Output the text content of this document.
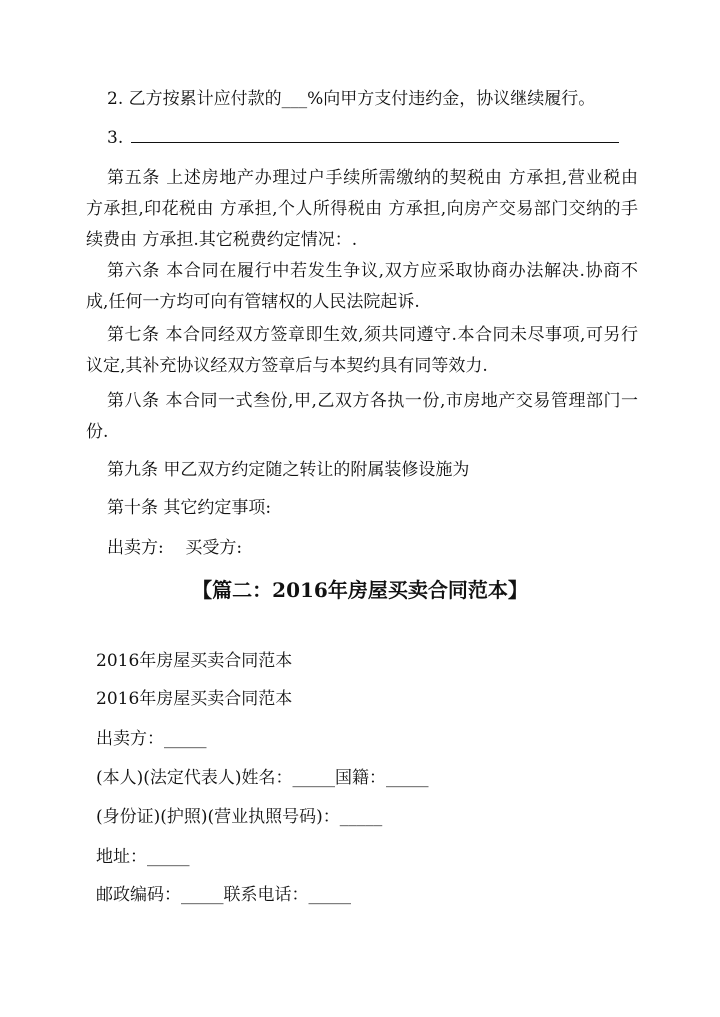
2. 乙方按累计应付款的___%向甲方支付违约金，协议继续履行。
3.
第五条 上述房地产办理过户手续所需缴纳的契税由 方承担,营业税由 方承担,印花税由 方承担,个人所得税由 方承担,向房产交易部门交纳的手续费由 方承担.其它税费约定情况：.
第六条 本合同在履行中若发生争议,双方应采取协商办法解决.协商不成,任何一方均可向有管辖权的人民法院起诉.
第七条 本合同经双方签章即生效,须共同遵守.本合同未尽事项,可另行议定,其补充协议经双方签章后与本契约具有同等效力.
第八条 本合同一式叁份,甲,乙双方各执一份,市房地产交易管理部门一份.
第九条 甲乙双方约定随之转让的附属装修设施为
第十条 其它约定事项:
出卖方:    买受方:
【篇二：2016年房屋买卖合同范本】
2016年房屋买卖合同范本
2016年房屋买卖合同范本
出卖方：_____
(本人)(法定代表人)姓名：_____国籍：_____
(身份证)(护照)(营业执照号码)：_____
地址：_____
邮政编码：_____联系电话：_____
